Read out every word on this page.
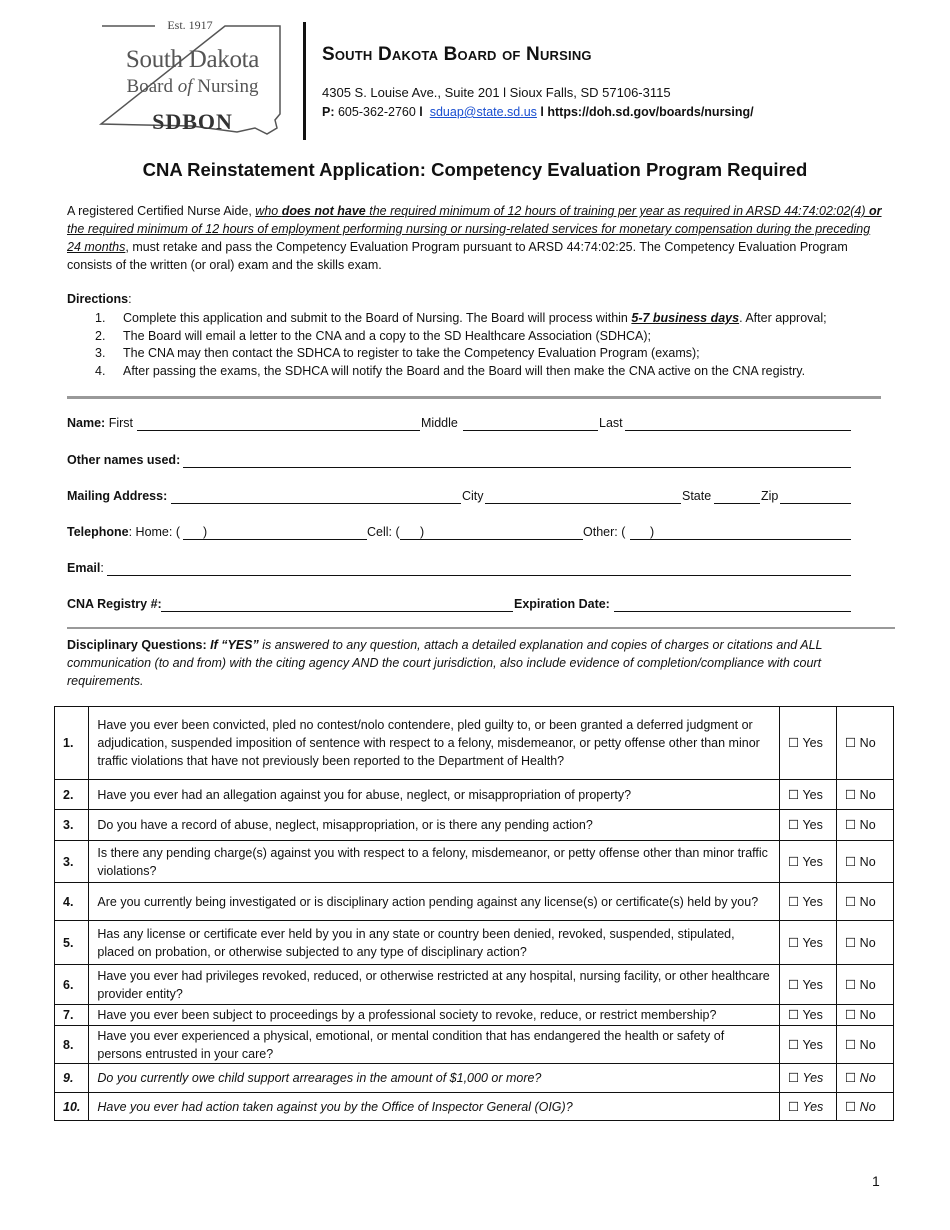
Est. 1917
South Dakota
Board of Nursing
SDBON
South Dakota Board of Nursing
4305 S. Louise Ave., Suite 201 l Sioux Falls, SD 57106-3115
P: 605-362-2760 l sduap@state.sd.us l https://doh.sd.gov/boards/nursing/
CNA Reinstatement Application: Competency Evaluation Program Required
A registered Certified Nurse Aide, who does not have the required minimum of 12 hours of training per year as required in ARSD 44:74:02:02(4) or the required minimum of 12 hours of employment performing nursing or nursing-related services for monetary compensation during the preceding 24 months, must retake and pass the Competency Evaluation Program pursuant to ARSD 44:74:02:25. The Competency Evaluation Program consists of the written (or oral) exam and the skills exam.
Directions:
1.	Complete this application and submit to the Board of Nursing. The Board will process within 5-7 business days. After approval;
2.	The Board will email a letter to the CNA and a copy to the SD Healthcare Association (SDHCA);
3.	The CNA may then contact the SDHCA to register to take the Competency Evaluation Program (exams);
4.	After passing the exams, the SDHCA will notify the Board and the Board will then make the CNA active on the CNA registry.
Name: First	Middle	Last
Other names used:
Mailing Address:	City	State	Zip
Telephone: Home: ( )	Cell: ( )	Other: ( )
Email:
CNA Registry #:	Expiration Date:
Disciplinary Questions: If “YES” is answered to any question, attach a detailed explanation and copies of charges or citations and ALL communication (to and from) with the citing agency AND the court jurisdiction, also include evidence of completion/compliance with court requirements.
1.	Have you ever been convicted, pled no contest/nolo contendere, pled guilty to, or been granted a deferred judgment or adjudication, suspended imposition of sentence with respect to a felony, misdemeanor, or petty offense other than minor traffic violations that have not previously been reported to the Department of Health?	☐ Yes	☐ No
2.	Have you ever had an allegation against you for abuse, neglect, or misappropriation of property?	☐ Yes	☐ No
3.	Do you have a record of abuse, neglect, misappropriation, or is there any pending action?	☐ Yes	☐ No
3.	Is there any pending charge(s) against you with respect to a felony, misdemeanor, or petty offense other than minor traffic violations?	☐ Yes	☐ No
4.	Are you currently being investigated or is disciplinary action pending against any license(s) or certificate(s) held by you?	☐ Yes	☐ No
5.	Has any license or certificate ever held by you in any state or country been denied, revoked, suspended, stipulated, placed on probation, or otherwise subjected to any type of disciplinary action?	☐ Yes	☐ No
6.	Have you ever had privileges revoked, reduced, or otherwise restricted at any hospital, nursing facility, or other healthcare provider entity?	☐ Yes	☐ No
7.	Have you ever been subject to proceedings by a professional society to revoke, reduce, or restrict membership?	☐ Yes	☐ No
8.	Have you ever experienced a physical, emotional, or mental condition that has endangered the health or safety of persons entrusted in your care?	☐ Yes	☐ No
9.	Do you currently owe child support arrearages in the amount of $1,000 or more?	☐ Yes	☐ No
10.	Have you ever had action taken against you by the Office of Inspector General (OIG)?	☐ Yes	☐ No
1
